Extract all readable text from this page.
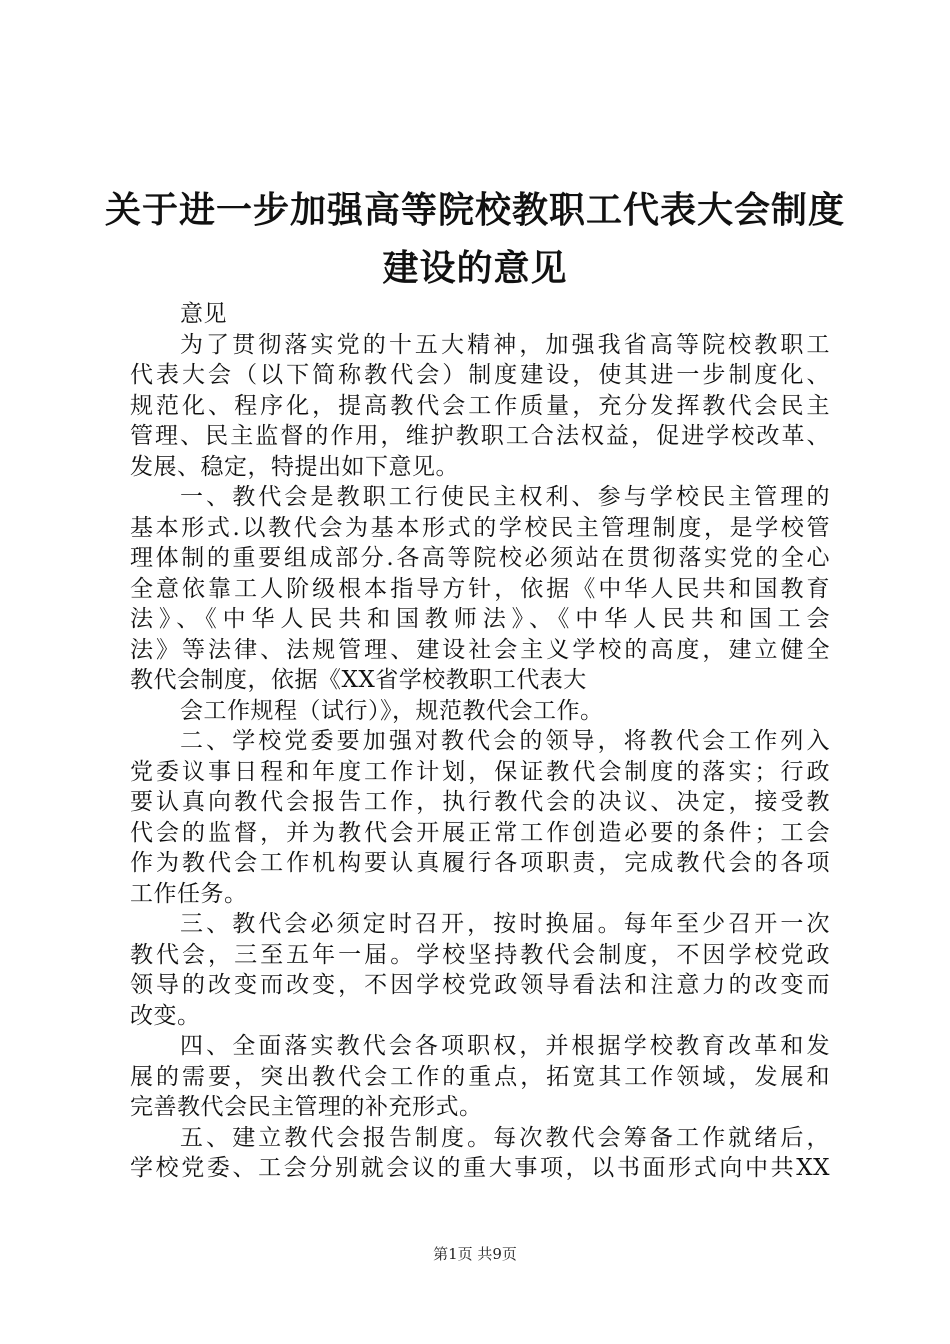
关于进一步加强高等院校教职工代表大会制度
建设的意见
意见
为了贯彻落实党的十五大精神，加强我省高等院校教职工
代表大会（以下简称教代会）制度建设，使其进一步制度化、
规范化、程序化，提高教代会工作质量，充分发挥教代会民主
管理、民主监督的作用，维护教职工合法权益，促进学校改革、
发展、稳定，特提出如下意见。
一、教代会是教职工行使民主权利、参与学校民主管理的
基本形式.以教代会为基本形式的学校民主管理制度，是学校管
理体制的重要组成部分.各高等院校必须站在贯彻落实党的全心
全意依靠工人阶级根本指导方针，依据《中华人民共和国教育
法》、《中华人民共和国教师法》、《中华人民共和国工会
法》等法律、法规管理、建设社会主义学校的高度，建立健全
教代会制度，依据《XX省学校教职工代表大
会工作规程（试行）》，规范教代会工作。
二、学校党委要加强对教代会的领导，将教代会工作列入
党委议事日程和年度工作计划，保证教代会制度的落实；行政
要认真向教代会报告工作，执行教代会的决议、决定，接受教
代会的监督，并为教代会开展正常工作创造必要的条件；工会
作为教代会工作机构要认真履行各项职责，完成教代会的各项
工作任务。
三、教代会必须定时召开，按时换届。每年至少召开一次
教代会，三至五年一届。学校坚持教代会制度，不因学校党政
领导的改变而改变，不因学校党政领导看法和注意力的改变而
改变。
四、全面落实教代会各项职权，并根据学校教育改革和发
展的需要，突出教代会工作的重点，拓宽其工作领域，发展和
完善教代会民主管理的补充形式。
五、建立教代会报告制度。每次教代会筹备工作就绪后，
学校党委、工会分别就会议的重大事项，以书面形式向中共XX
第1页 共9页
